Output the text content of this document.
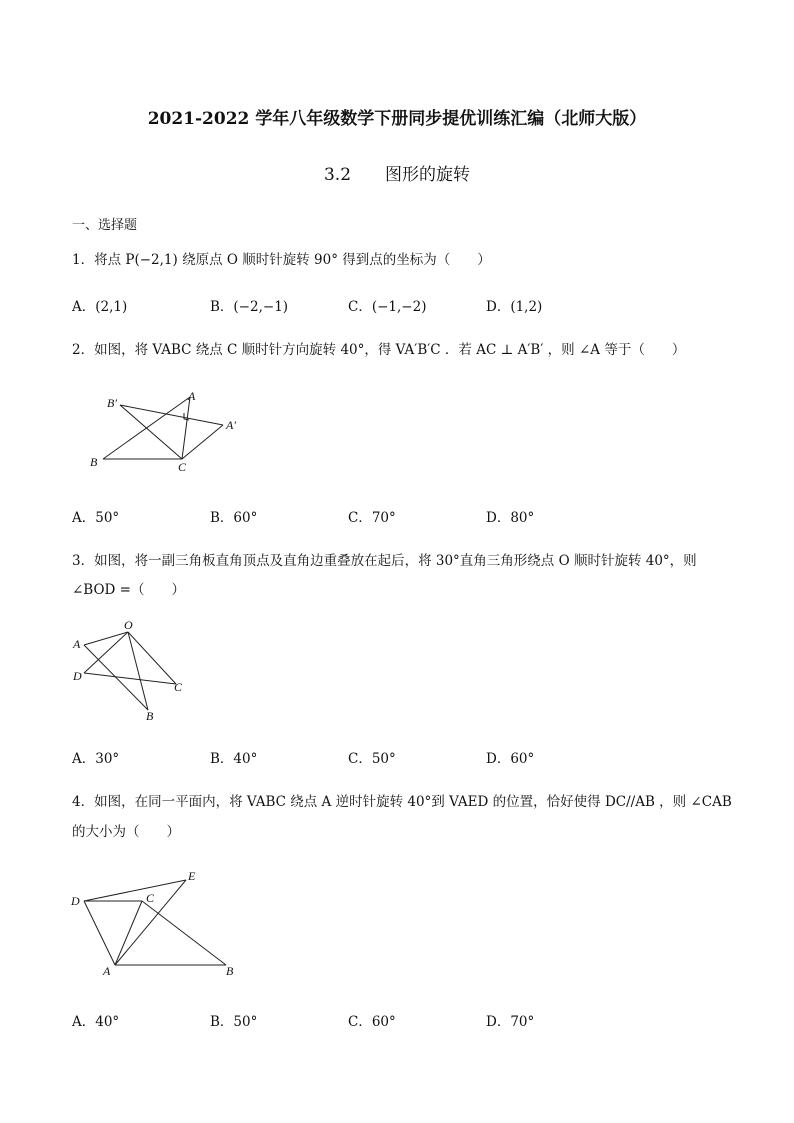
2021-2022 学年八年级数学下册同步提优训练汇编（北师大版）
3.2　　图形的旋转
一、选择题
1．将点 P(−2,1) 绕原点 O 顺时针旋转 90° 得到点的坐标为（　　）
A．(2,1)	B．(−2,−1)	C．(−1,−2)	D．(1,2)
2．如图，将 VABC 绕点 C 顺时针方向旋转 40°，得 VA′B′C ．若 AC ⊥ A′B′ ，则 ∠A 等于（　　）
B′	A
A′
B	C
A．50°	B．60°	C．70°	D．80°
3．如图，将一副三角板直角顶点及直角边重叠放在起后，将 30°直角三角形绕点 O 顺时针旋转 40°，则
∠BOD =（　　）
O
A
D
C
B
A．30°	B．40°	C．50°	D．60°
4．如图，在同一平面内，将 VABC 绕点 A 逆时针旋转 40°到 VAED 的位置，恰好使得 DC//AB ，则 ∠CAB
的大小为（　　）
E
D	C
A	B
A．40°	B．50°	C．60°	D．70°
